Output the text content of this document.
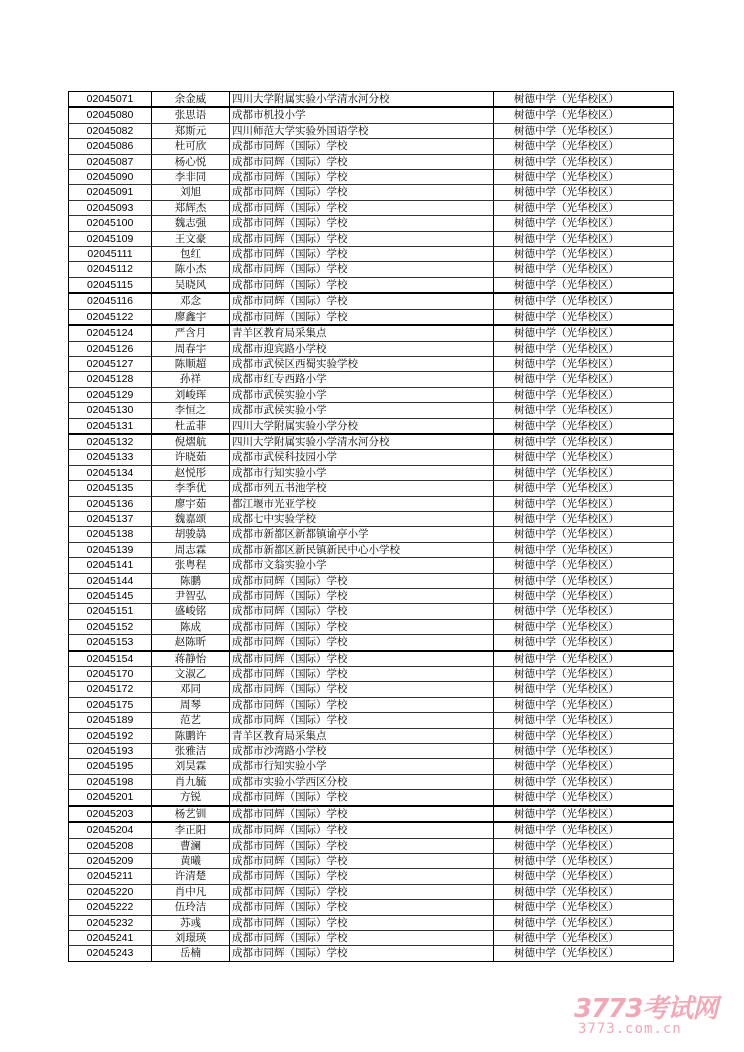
02045071	余金威	四川大学附属实验小学清水河分校	树德中学（光华校区）
02045080	张思语	成都市机投小学	树德中学（光华校区）
02045082	郑斯元	四川师范大学实验外国语学校	树德中学（光华校区）
02045086	杜可欣	成都市同辉（国际）学校	树德中学（光华校区）
02045087	杨心悦	成都市同辉（国际）学校	树德中学（光华校区）
02045090	李非同	成都市同辉（国际）学校	树德中学（光华校区）
02045091	刘旭	成都市同辉（国际）学校	树德中学（光华校区）
02045093	郑辉杰	成都市同辉（国际）学校	树德中学（光华校区）
02045100	魏志强	成都市同辉（国际）学校	树德中学（光华校区）
02045109	王文豪	成都市同辉（国际）学校	树德中学（光华校区）
02045111	包红	成都市同辉（国际）学校	树德中学（光华校区）
02045112	陈小杰	成都市同辉（国际）学校	树德中学（光华校区）
02045115	吴晓风	成都市同辉（国际）学校	树德中学（光华校区）
02045116	邓念	成都市同辉（国际）学校	树德中学（光华校区）
02045122	廖鑫宇	成都市同辉（国际）学校	树德中学（光华校区）
02045124	严含月	青羊区教育局采集点	树德中学（光华校区）
02045126	周春宇	成都市迎宾路小学校	树德中学（光华校区）
02045127	陈顺超	成都市武侯区西蜀实验学校	树德中学（光华校区）
02045128	孙祥	成都市红专西路小学	树德中学（光华校区）
02045129	刘峻珲	成都市武侯实验小学	树德中学（光华校区）
02045130	李恒之	成都市武侯实验小学	树德中学（光华校区）
02045131	杜孟菲	四川大学附属实验小学分校	树德中学（光华校区）
02045132	倪熠航	四川大学附属实验小学清水河分校	树德中学（光华校区）
02045133	许晓茹	成都市武侯科技园小学	树德中学（光华校区）
02045134	赵悦彤	成都市行知实验小学	树德中学（光华校区）
02045135	李季优	成都市列五书池学校	树德中学（光华校区）
02045136	廖宇茹	都江堰市光亚学校	树德中学（光华校区）
02045137	魏嘉颂	成都七中实验学校	树德中学（光华校区）
02045138	胡骏骉	成都市新都区新都镇谕亭小学	树德中学（光华校区）
02045139	周志霖	成都市新都区新民镇新民中心小学校	树德中学（光华校区）
02045141	张粤程	成都市文翁实验小学	树德中学（光华校区）
02045144	陈鹏	成都市同辉（国际）学校	树德中学（光华校区）
02045145	尹智弘	成都市同辉（国际）学校	树德中学（光华校区）
02045151	盛峻铭	成都市同辉（国际）学校	树德中学（光华校区）
02045152	陈成	成都市同辉（国际）学校	树德中学（光华校区）
02045153	赵陈昕	成都市同辉（国际）学校	树德中学（光华校区）
02045154	蒋静怡	成都市同辉（国际）学校	树德中学（光华校区）
02045170	文淑乙	成都市同辉（国际）学校	树德中学（光华校区）
02045172	邓同	成都市同辉（国际）学校	树德中学（光华校区）
02045175	周琴	成都市同辉（国际）学校	树德中学（光华校区）
02045189	范艺	成都市同辉（国际）学校	树德中学（光华校区）
02045192	陈鹏许	青羊区教育局采集点	树德中学（光华校区）
02045193	张雅洁	成都市沙湾路小学校	树德中学（光华校区）
02045195	刘昊霖	成都市行知实验小学	树德中学（光华校区）
02045198	肖九毓	成都市实验小学西区分校	树德中学（光华校区）
02045201	方锐	成都市同辉（国际）学校	树德中学（光华校区）
02045203	杨艺钏	成都市同辉（国际）学校	树德中学（光华校区）
02045204	李正阳	成都市同辉（国际）学校	树德中学（光华校区）
02045208	曹澜	成都市同辉（国际）学校	树德中学（光华校区）
02045209	黄曦	成都市同辉（国际）学校	树德中学（光华校区）
02045211	许清楚	成都市同辉（国际）学校	树德中学（光华校区）
02045220	肖中凡	成都市同辉（国际）学校	树德中学（光华校区）
02045222	伍玲洁	成都市同辉（国际）学校	树德中学（光华校区）
02045232	苏彧	成都市同辉（国际）学校	树德中学（光华校区）
02045241	刘璟瑛	成都市同辉（国际）学校	树德中学（光华校区）
02045243	岳楠	成都市同辉（国际）学校	树德中学（光华校区）
3773考试网
3773.com.cn
